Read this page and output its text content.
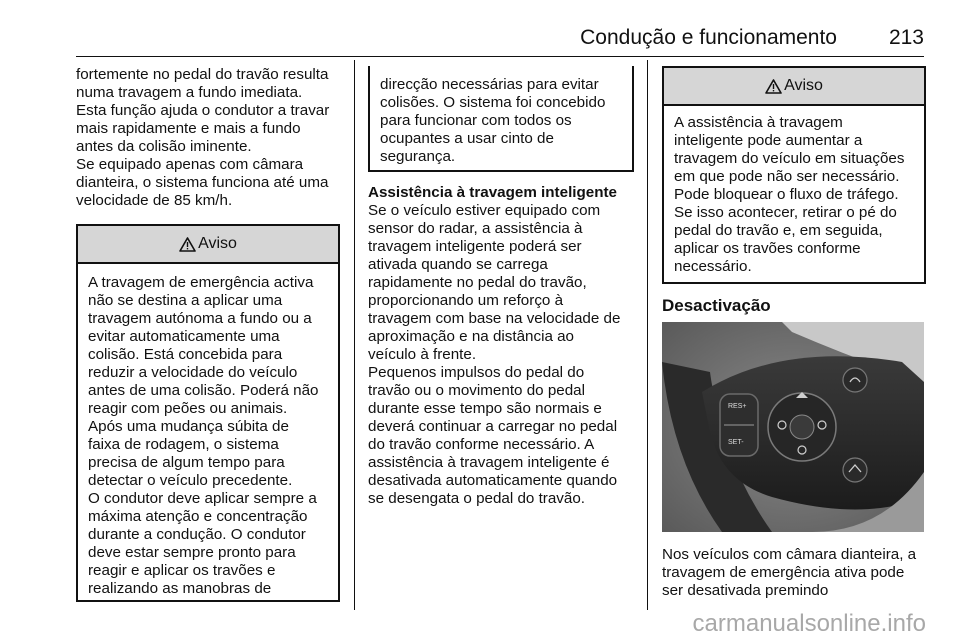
Condução e funcionamento 213

fortemente no pedal do travão resulta
numa travagem a fundo imediata.
Esta função ajuda o condutor a travar
mais rapidamente e mais a fundo
antes da colisão iminente.

Se equipado apenas com câmara
dianteira, o sistema funciona até uma
velocidade de 85 km/h.

Aviso

A travagem de emergência activa
não se destina a aplicar uma
travagem autónoma a fundo ou a
evitar automaticamente uma
colisão. Está concebida para
reduzir a velocidade do veículo
antes de uma colisão. Poderá não
reagir com peões ou animais.
Após uma mudança súbita de
faixa de rodagem, o sistema
precisa de algum tempo para
detectar o veículo precedente.

O condutor deve aplicar sempre a
máxima atenção e concentração
durante a condução. O condutor
deve estar sempre pronto para
reagir e aplicar os travões e
realizando as manobras de

direcção necessárias para evitar
colisões. O sistema foi concebido
para funcionar com todos os
ocupantes a usar cinto de
segurança.

Assistência à travagem inteligente

Se o veículo estiver equipado com
sensor do radar, a assistência à
travagem inteligente poderá ser
ativada quando se carrega
rapidamente no pedal do travão,
proporcionando um reforço à
travagem com base na velocidade de
aproximação e na distância ao
veículo à frente.

Pequenos impulsos do pedal do
travão ou o movimento do pedal
durante esse tempo são normais e
deverá continuar a carregar no pedal
do travão conforme necessário. A
assistência à travagem inteligente é
desativada automaticamente quando
se desengata o pedal do travão.

Aviso

A assistência à travagem
inteligente pode aumentar a
travagem do veículo em situações
em que pode não ser necessário.
Pode bloquear o fluxo de tráfego.
Se isso acontecer, retirar o pé do
pedal do travão e, em seguida,
aplicar os travões conforme
necessário.

Desactivação

RES+
SET-

Nos veículos com câmara dianteira, a
travagem de emergência ativa pode
ser desativada premindo

carmanualsonline.info
